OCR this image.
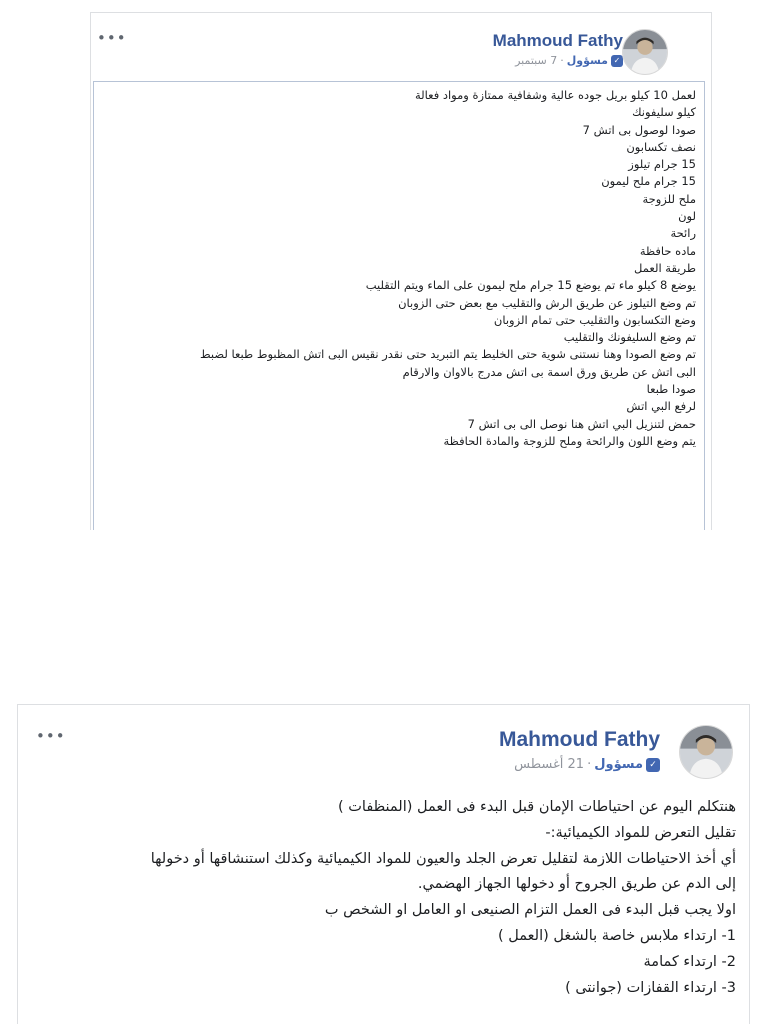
•••	Mahmoud Fathy
✓
مسؤول
·
7 سبتمبر
لعمل 10 كيلو بريل جوده عالية وشفافية ممتازة ومواد فعالة
كيلو سليفونك
صودا لوصول بى اتش 7
نصف تكسابون
15 جرام تيلوز
15 جرام ملح ليمون
ملح للزوجة
لون
رائحة
ماده حافظة
طريقة العمل
يوضع 8 كيلو ماء تم يوضع 15 جرام ملح ليمون على الماء ويتم التقليب
تم وضع التيلوز عن طريق الرش والتقليب مع بعض حتى الزوبان
وضع التكسابون والتقليب حتى تمام الزوبان
تم وضع السليفونك والتقليب
تم وضع الصودا وهنا نستنى شوية حتى الخليط يتم التبريد حتى نقدر نقيس البى اتش المظبوط طبعا لضبط
البى اتش عن طريق ورق اسمة بى اتش مدرج بالاوان والارقام
صودا طبعا
لرفع البي اتش
حمض لتنزيل البي اتش هنا نوصل الى بى اتش 7
يتم وضع اللون والرائحة وملح للزوجة والمادة الحافظة
•••	Mahmoud Fathy
✓
مسؤول
·
21 أغسطس
هنتكلم اليوم عن احتياطات الإمان قبل البدء فى العمل (المنظفات )
تقليل التعرض للمواد الكيميائية:-
أي أخذ الاحتياطات اللازمة لتقليل تعرض الجلد والعيون للمواد الكيميائية وكذلك استنشاقها أو دخولها
إلى الدم عن طريق الجروح أو دخولها الجهاز الهضمي.
اولا يجب قبل البدء فى العمل التزام الصنيعى او العامل او الشخص ب
1- ارتداء ملابس خاصة بالشغل (العمل )
2- ارتداء كمامة
3- ارتداء القفازات (جوانتى )
